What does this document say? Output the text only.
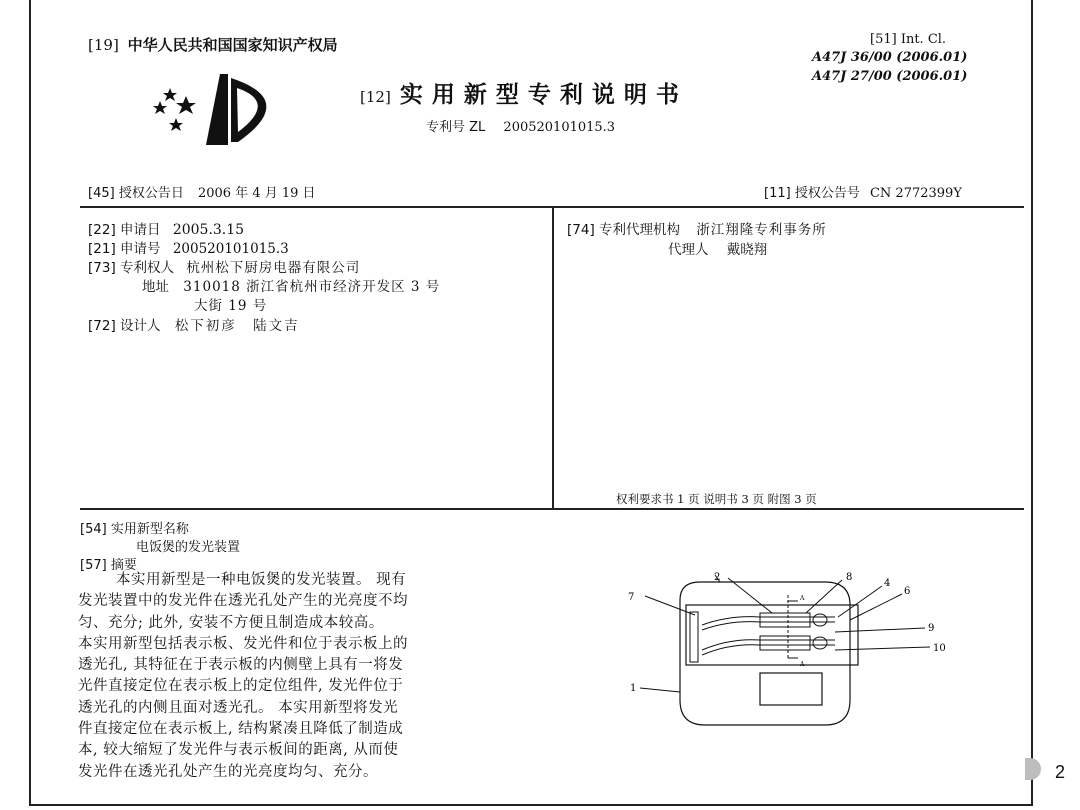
[19] 中华人民共和国国家知识产权局
[12] 实用新型专利说明书
专利号 ZL 200520101015.3
[51] Int. Cl.
A47J 36/00 (2006.01)
A47J 27/00 (2006.01)
[45] 授权公告日 2006 年 4 月 19 日	[11] 授权公告号 CN 2772399Y
[22] 申请日 2005.3.15
[21] 申请号 200520101015.3
[73] 专利权人 杭州松下厨房电器有限公司
地址 310018 浙江省杭州市经济开发区 3 号
大街 19 号
[72] 设计人 松下初彦 陆文吉
[74] 专利代理机构 浙江翔隆专利事务所
代理人 戴晓翔
权利要求书 1 页 说明书 3 页 附图 3 页
[54] 实用新型名称
电饭煲的发光装置
[57] 摘要

本实用新型是一种电饭煲的发光装置。 现有

发光装置中的发光件在透光孔处产生的光亮度不均

匀、充分; 此外, 安装不方便且制造成本较高。

本实用新型包括表示板、发光件和位于表示板上的

透光孔, 其特征在于表示板的内侧壁上具有一将发

光件直接定位在表示板上的定位组件, 发光件位于

透光孔的内侧且面对透光孔。 本实用新型将发光

件直接定位在表示板上, 结构紧凑且降低了制造成

本, 较大缩短了发光件与表示板间的距离, 从而使

发光件在透光孔处产生的光亮度均匀、充分。

2	8
4
6
7
9
10
1
A
A
2
